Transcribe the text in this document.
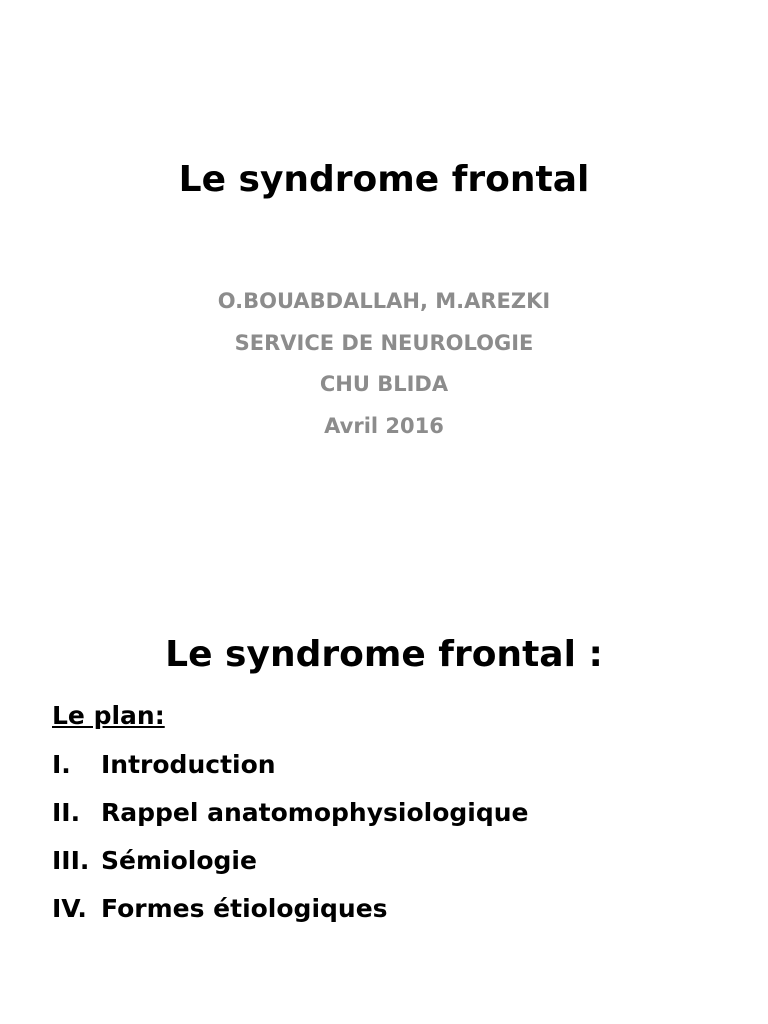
Le syndrome frontal
O.BOUABDALLAH, M.AREZKI
SERVICE DE NEUROLOGIE
CHU BLIDA
Avril 2016
Le syndrome frontal :

Le plan:

I.	Introduction
II. Rappel anatomophysiologique
III. Sémiologie
IV. Formes étiologiques
